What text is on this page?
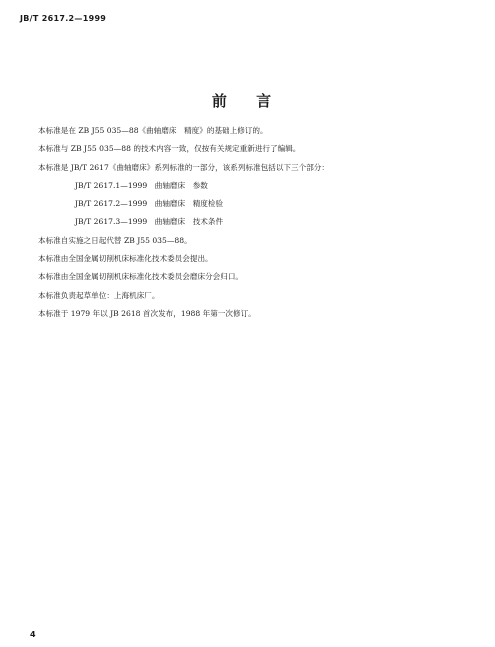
JB/T 2617.2—1999
前 言
本标准是在 ZB J55 035—88《曲轴磨床　精度》的基础上修订的。
本标准与 ZB J55 035—88 的技术内容一致，仅按有关规定重新进行了编辑。
本标准是 JB/T 2617《曲轴磨床》系列标准的一部分，该系列标准包括以下三个部分：
JB/T 2617.1—1999　曲轴磨床　参数
JB/T 2617.2—1999　曲轴磨床　精度检验
JB/T 2617.3—1999　曲轴磨床　技术条件
本标准自实施之日起代替 ZB J55 035—88。
本标准由全国金属切削机床标准化技术委员会提出。
本标准由全国金属切削机床标准化技术委员会磨床分会归口。
本标准负责起草单位：上海机床厂。
本标准于 1979 年以 JB 2618 首次发布，1988 年第一次修订。
4
